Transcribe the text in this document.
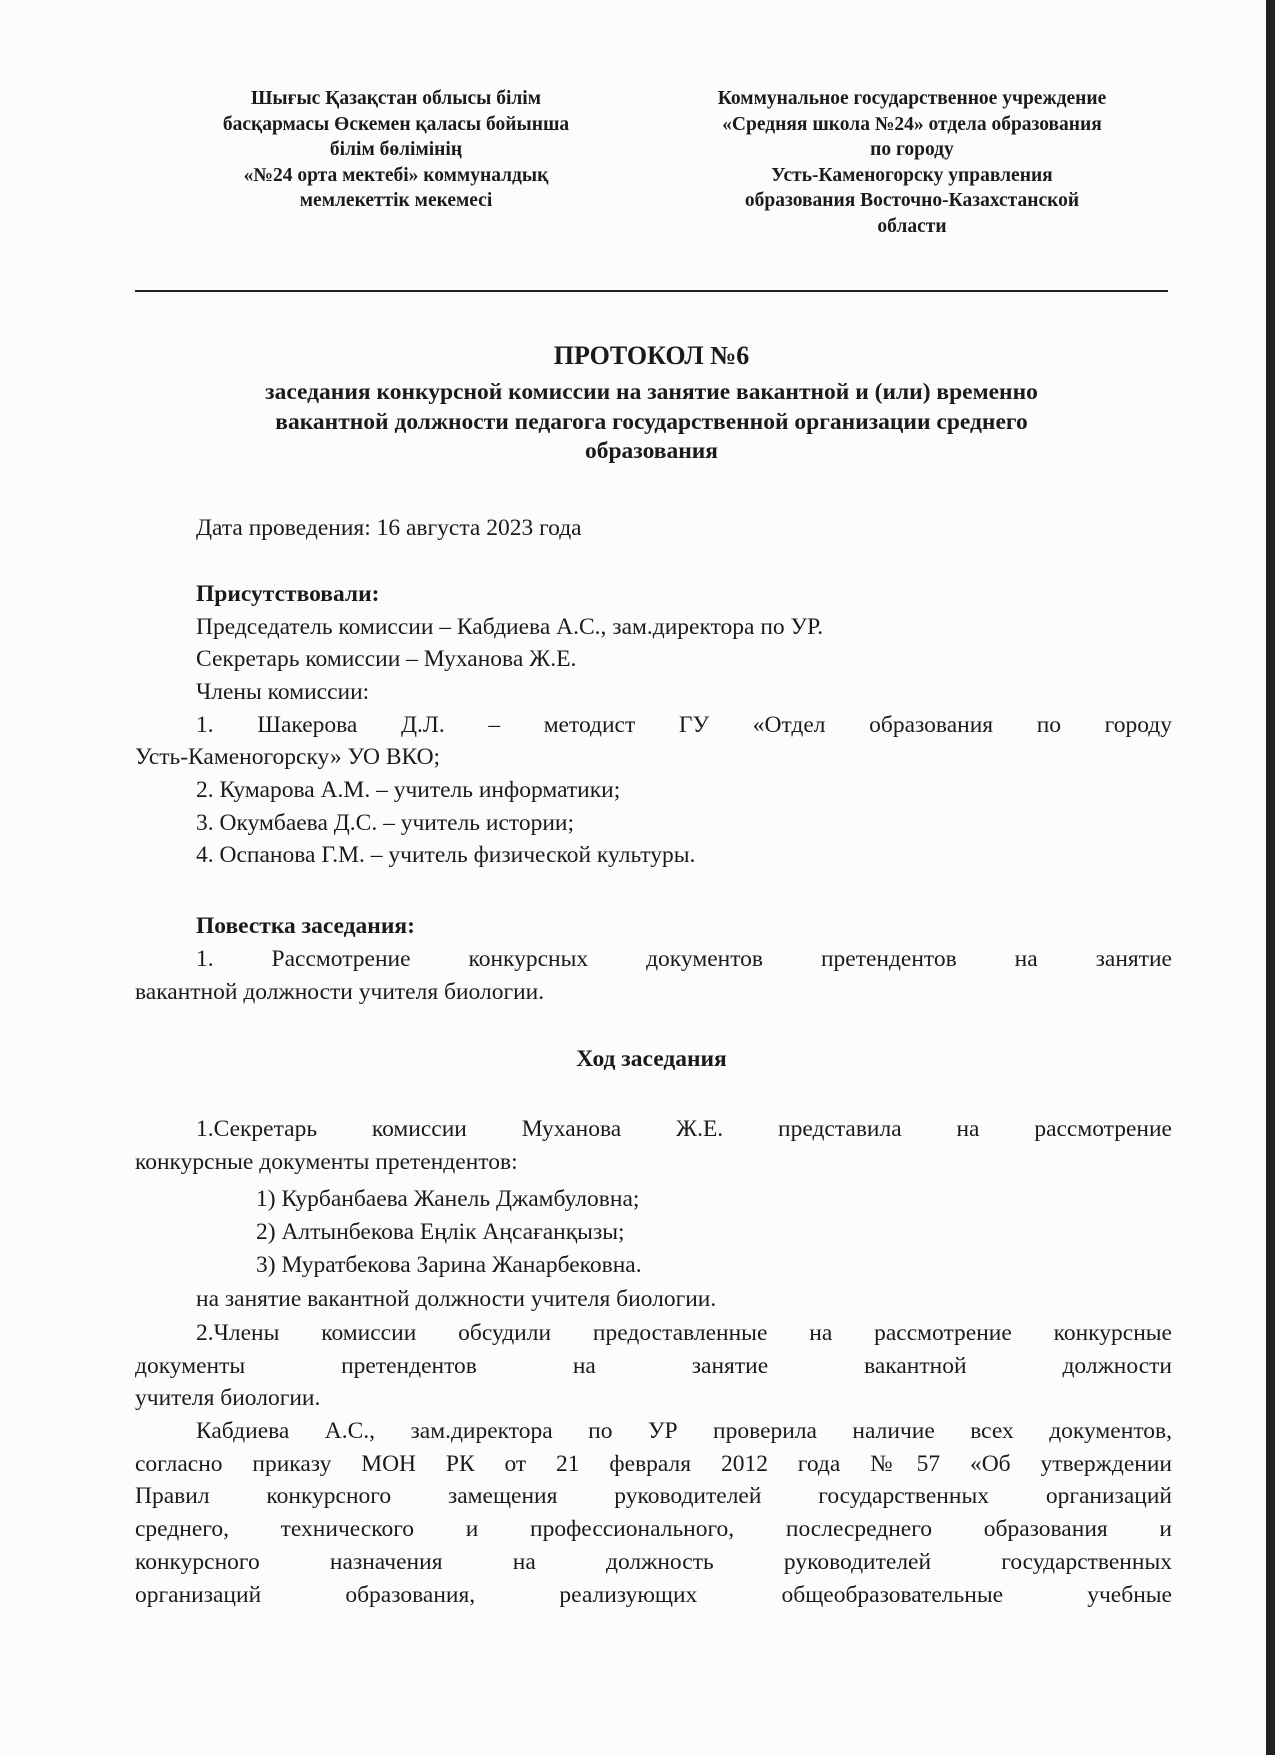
Шығыс Қазақстан облысы білім
басқармасы Өскемен қаласы бойынша
білім бөлімінің
«№24 орта мектебі» коммуналдық
мемлекеттік мекемесі
Коммунальное государственное учреждение
«Средняя школа №24» отдела образования
по городу
Усть-Каменогорску управления
образования Восточно-Казахстанской
области
ПРОТОКОЛ №6
заседания конкурсной комиссии на занятие вакантной и (или) временно
вакантной должности педагога государственной организации среднего
образования

Дата проведения: 16 августа 2023 года

Присутствовали:

Председатель комиссии – Кабдиева А.С., зам.директора по УР.

Секретарь комиссии – Муханова Ж.Е.

Члены комиссии:

1. Шакерова Д.Л. – методист ГУ «Отдел образования по городу

Усть-Каменогорску» УО ВКО;

2. Кумарова А.М. – учитель информатики;

3. Окумбаева Д.С. – учитель истории;

4. Оспанова Г.М. – учитель физической культуры.

Повестка заседания:

1. Рассмотрение конкурсных документов претендентов на занятие

вакантной должности учителя биологии.

Ход заседания

1.Секретарь комиссии Муханова Ж.Е. представила на рассмотрение

конкурсные документы претендентов:

1) Курбанбаева Жанель Джамбуловна;

2) Алтынбекова Еңлік Аңсағанқызы;

3) Муратбекова Зарина Жанарбековна.

на занятие вакантной должности учителя биологии.

2.Члены комиссии обсудили предоставленные на рассмотрение конкурсные

документы претендентов на занятие вакантной должности

учителя биологии.

Кабдиева А.С., зам.директора по УР проверила наличие всех документов,

согласно приказу МОН РК от 21 февраля 2012 года №57 «Об утверждении

Правил конкурсного замещения руководителей государственных организаций

среднего, технического и профессионального, послесреднего образования и

конкурсного назначения на должность руководителей государственных

организаций образования, реализующих общеобразовательные учебные
